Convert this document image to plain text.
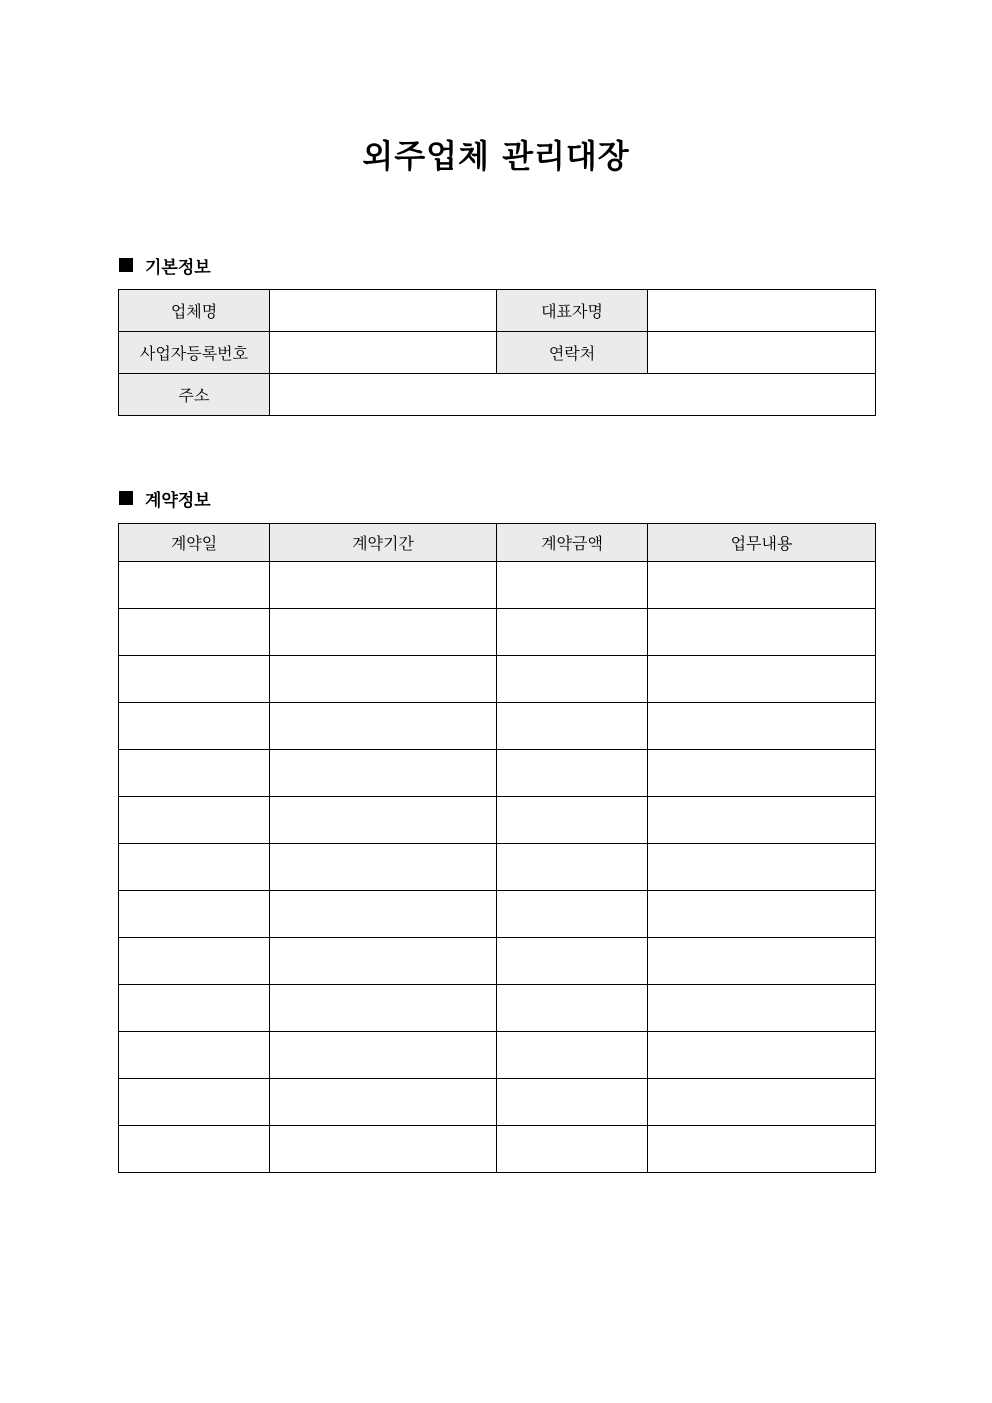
외주업체 관리대장
기본정보
업체명		대표자명	
사업자등록번호		연락처	
주소			
계약정보
계약일	계약기간	계약금액	업무내용
